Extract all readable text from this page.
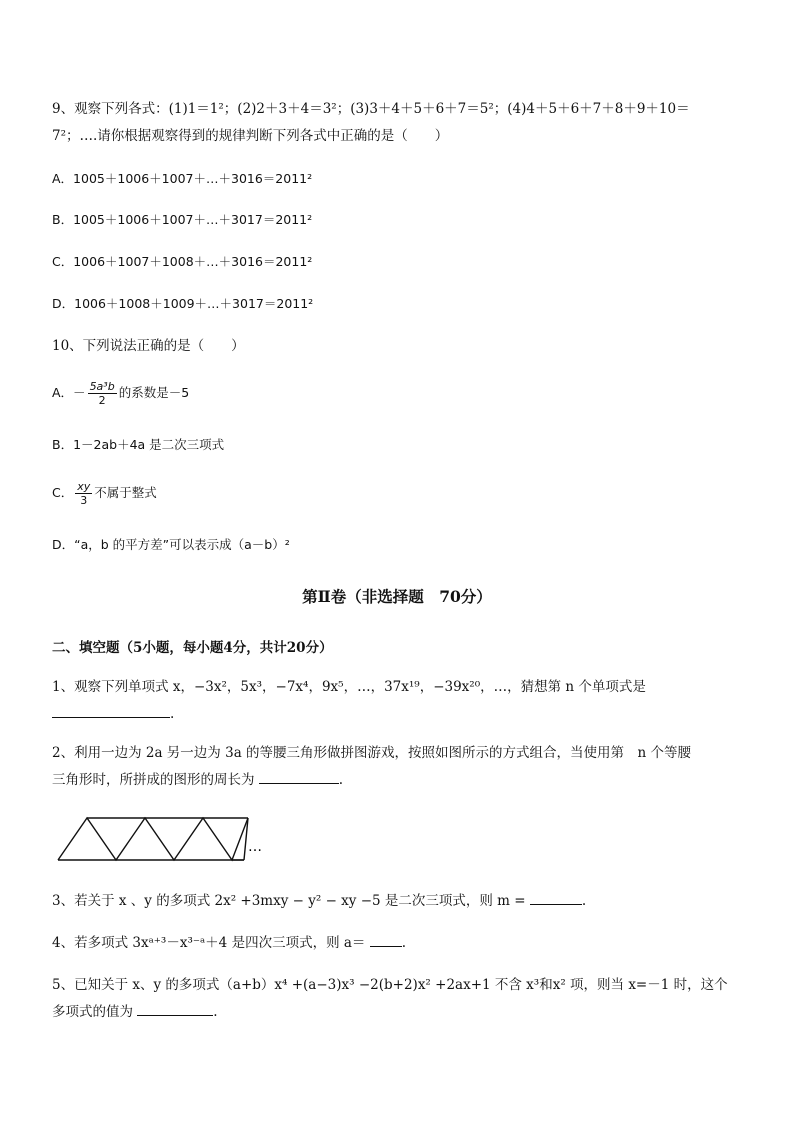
9、观察下列各式：(1)1＝1²；(2)2＋3＋4＝3²；(3)3＋4＋5＋6＋7＝5²；(4)4＋5＋6＋7＋8＋9＋10＝
7²；….请你根据观察得到的规律判断下列各式中正确的是（　　）
A．1005＋1006＋1007＋…＋3016＝2011²
B．1005＋1006＋1007＋…＋3017＝2011²
C．1006＋1007＋1008＋…＋3016＝2011²
D．1006＋1008＋1009＋…＋3017＝2011²
10、下列说法正确的是（　　）
A．－ $\frac{\text{5a³b}}{2}$ 的系数是－5
B．1－2ab＋4a 是二次三项式
C． $\frac{xy}{3}$ 不属于整式
D．“a，b 的平方差”可以表示成（a－b）²
第Ⅱ卷（非选择题　70分）
二、填空题（5小题，每小题4分，共计20分）
1、观察下列单项式 x，−3x²，5x³，−7x⁴，9x⁵，…，37x¹⁹，−39x²⁰，…，猜想第 n 个单项式是
.
2、利用一边为 2a 另一边为 3a 的等腰三角形做拼图游戏，按照如图所示的方式组合，当使用第　n 个等腰
三角形时，所拼成的图形的周长为	.
…
3、若关于 x 、y 的多项式 2x² +3mxy − y² − xy −5 是二次三项式，则 m =	.
4、若多项式 3xᵃ⁺³－x³⁻ᵃ＋4 是四次三项式，则 a＝	.
5、已知关于 x、y 的多项式（a+b）x⁴ +(a−3)x³ −2(b+2)x² +2ax+1 不含 x³和x² 项，则当 x=－1 时，这个
多项式的值为	.
